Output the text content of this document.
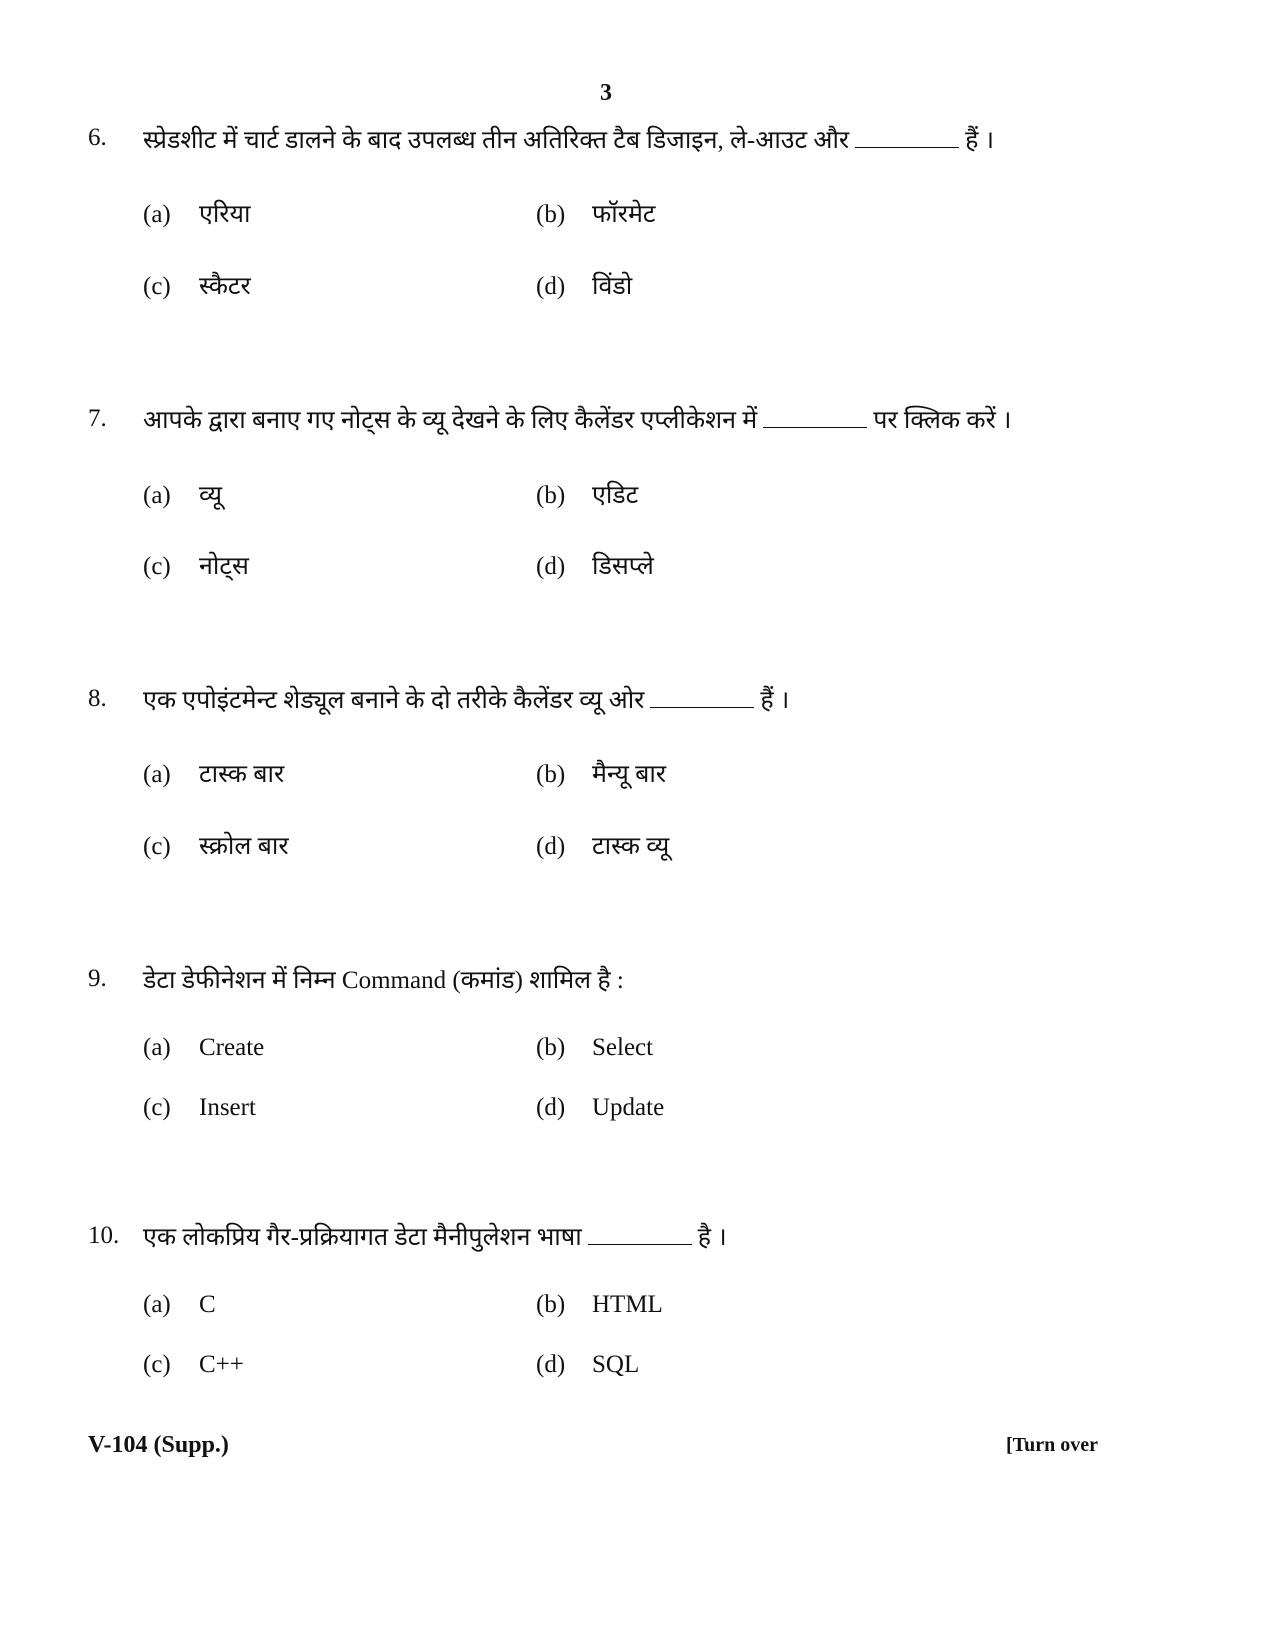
3
6. स्प्रेडशीट में चार्ट डालने के बाद उपलब्ध तीन अतिरिक्त टैब डिजाइन, ले-आउट और	हैं ।
(a) एरिया	(b) फॉरमेट
(c) स्कैटर	(d) विंडो
7. आपके द्वारा बनाए गए नोट्स के व्यू देखने के लिए कैलेंडर एप्लीकेशन में	पर क्लिक करें ।
(a) व्यू	(b) एडिट
(c) नोट्स	(d) डिसप्ले
8. एक एपोइंटमेन्ट शेड्यूल बनाने के दो तरीके कैलेंडर व्यू ओर	हैं ।
(a) टास्क बार	(b) मैन्यू बार
(c) स्क्रोल बार	(d) टास्क व्यू
9. डेटा डेफीनेशन में निम्न Command (कमांड) शामिल है :
(a) Create	(b) Select
(c) Insert	(d) Update
10. एक लोकप्रिय गैर-प्रक्रियागत डेटा मैनीपुलेशन भाषा	है ।
(a) C	(b) HTML
(c) C++	(d) SQL
V-104 (Supp.)	[Turn over
